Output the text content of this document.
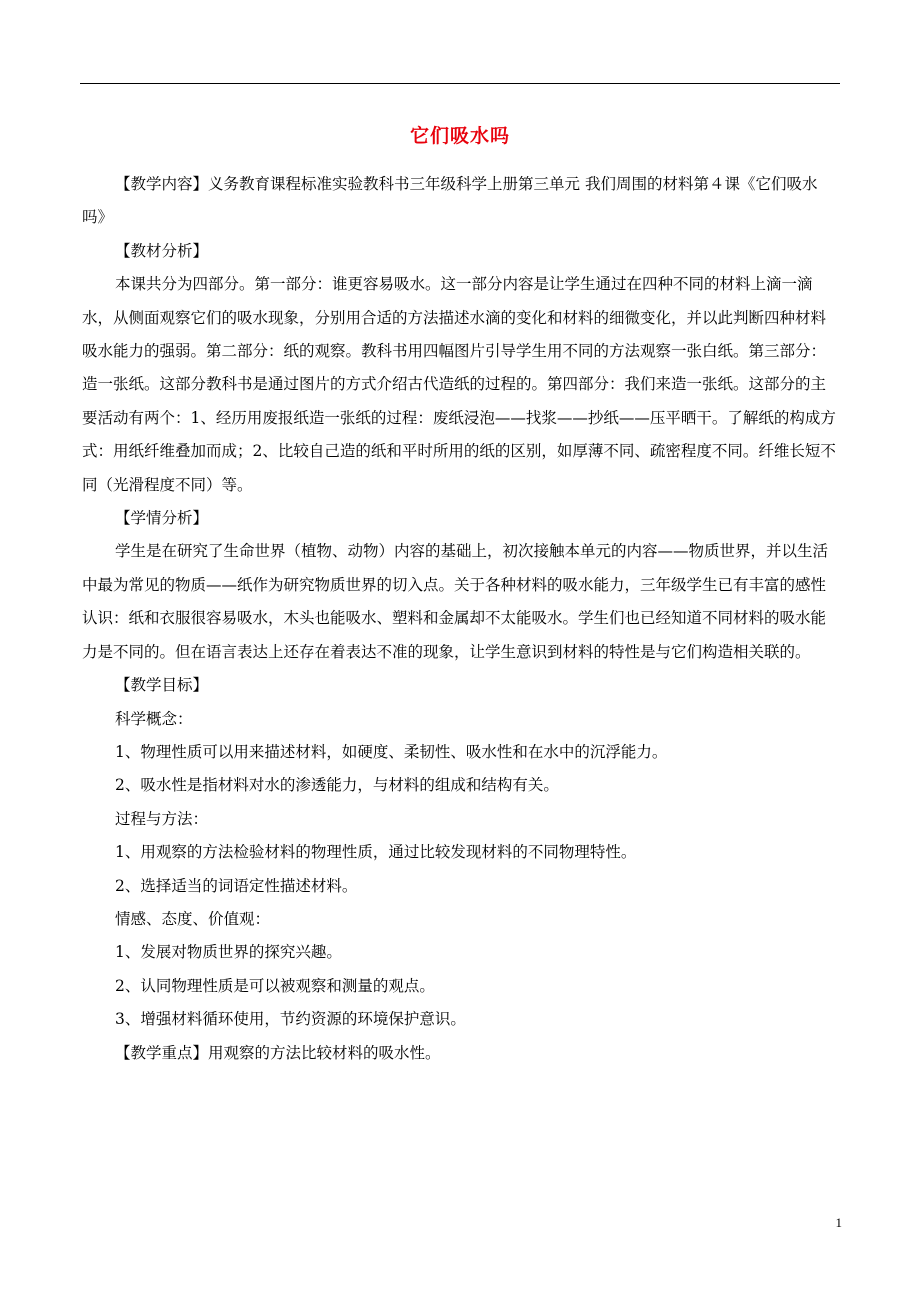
它们吸水吗

【教学内容】义务教育课程标准实验教科书三年级科学上册第三单元 我们周围的材料第４课《它们吸水吗》

【教材分析】

本课共分为四部分。第一部分：谁更容易吸水。这一部分内容是让学生通过在四种不同的材料上滴一滴水，从侧面观察它们的吸水现象，分别用合适的方法描述水滴的变化和材料的细微变化，并以此判断四种材料吸水能力的强弱。第二部分：纸的观察。教科书用四幅图片引导学生用不同的方法观察一张白纸。第三部分：造一张纸。这部分教科书是通过图片的方式介绍古代造纸的过程的。第四部分：我们来造一张纸。这部分的主要活动有两个：1、经历用废报纸造一张纸的过程：废纸浸泡——找浆——抄纸——压平晒干。了解纸的构成方式：用纸纤维叠加而成；2、比较自己造的纸和平时所用的纸的区别，如厚薄不同、疏密程度不同。纤维长短不同（光滑程度不同）等。

【学情分析】

学生是在研究了生命世界（植物、动物）内容的基础上，初次接触本单元的内容——物质世界，并以生活中最为常见的物质——纸作为研究物质世界的切入点。关于各种材料的吸水能力，三年级学生已有丰富的感性认识：纸和衣服很容易吸水，木头也能吸水、塑料和金属却不太能吸水。学生们也已经知道不同材料的吸水能力是不同的。但在语言表达上还存在着表达不准的现象，让学生意识到材料的特性是与它们构造相关联的。

【教学目标】

科学概念：

1、物理性质可以用来描述材料，如硬度、柔韧性、吸水性和在水中的沉浮能力。

2、吸水性是指材料对水的渗透能力，与材料的组成和结构有关。

过程与方法：

1、用观察的方法检验材料的物理性质，通过比较发现材料的不同物理特性。

2、选择适当的词语定性描述材料。

情感、态度、价值观：

1、发展对物质世界的探究兴趣。

2、认同物理性质是可以被观察和测量的观点。

3、增强材料循环使用，节约资源的环境保护意识。

【教学重点】用观察的方法比较材料的吸水性。

1
